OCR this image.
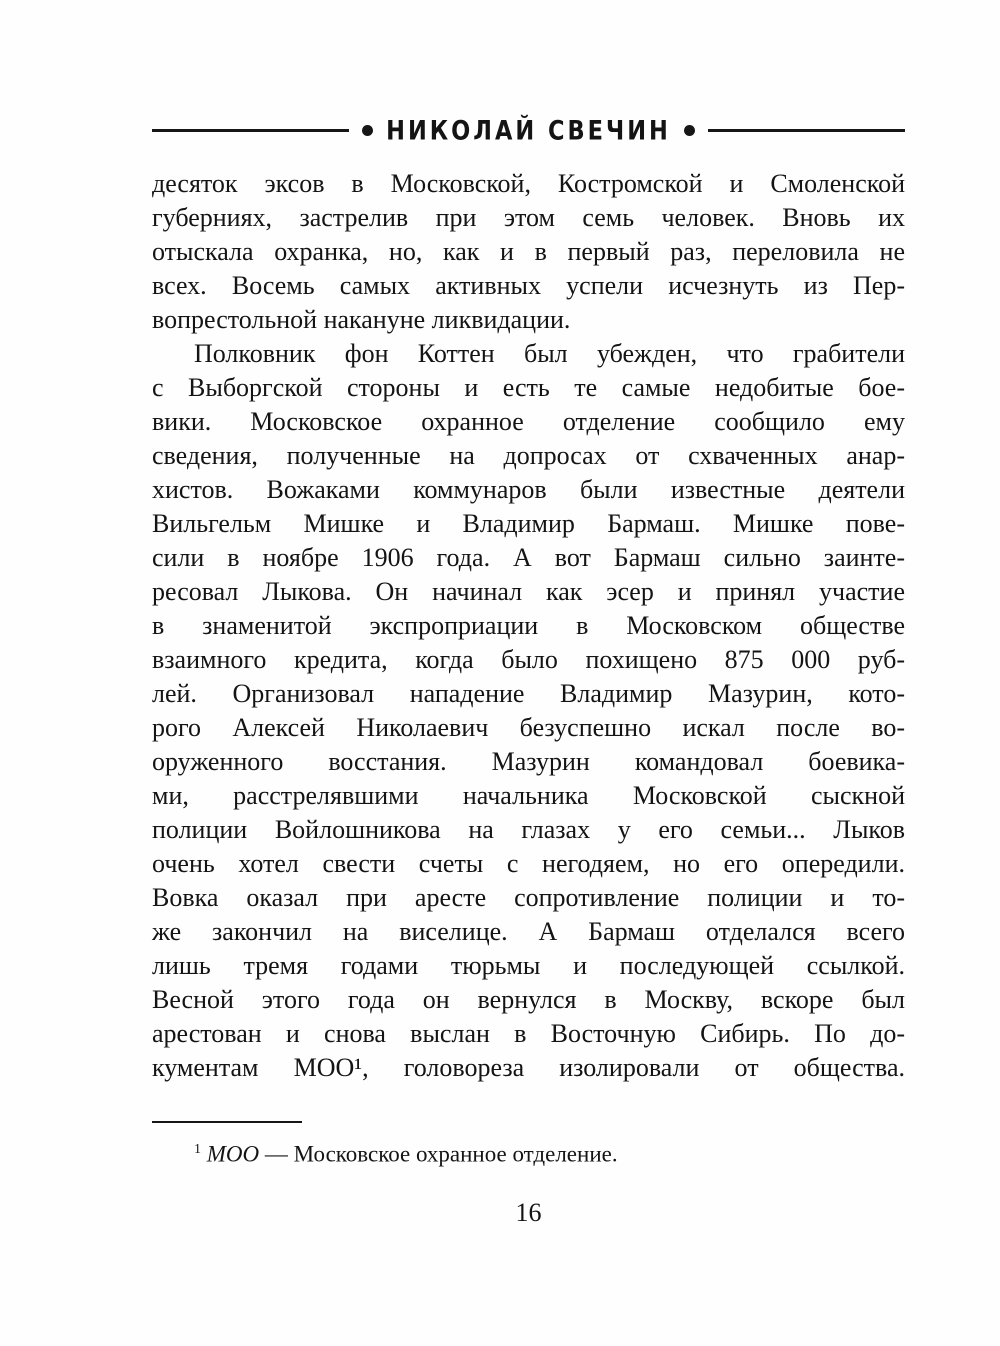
НИКОЛАЙ СВЕЧИН

десяток эксов в Московской, Костромской и Смоленской
губерниях, застрелив при этом семь человек. Вновь их
отыскала охранка, но, как и в первый раз, переловила не
всех. Восемь самых активных успели исчезнуть из Пер-
вопрестольной накануне ликвидации.

Полковник фон Коттен был убежден, что грабители
с Выборгской стороны и есть те самые недобитые бое-
вики. Московское охранное отделение сообщило ему
сведения, полученные на допросах от схваченных анар-
хистов. Вожаками коммунаров были известные деятели
Вильгельм Мишке и Владимир Бармаш. Мишке пове-
сили в ноябре 1906 года. А вот Бармаш сильно заинте-
ресовал Лыкова. Он начинал как эсер и принял участие
в знаменитой экспроприации в Московском обществе
взаимного кредита, когда было похищено 875 000 руб-
лей. Организовал нападение Владимир Мазурин, кото-
рого Алексей Николаевич безуспешно искал после во-
оруженного восстания. Мазурин командовал боевика-
ми, расстрелявшими начальника Московской сыскной
полиции Войлошникова на глазах у его семьи... Лыков
очень хотел свести счеты с негодяем, но его опередили.
Вовка оказал при аресте сопротивление полиции и то-
же закончил на виселице. А Бармаш отделался всего
лишь тремя годами тюрьмы и последующей ссылкой.
Весной этого года он вернулся в Москву, вскоре был
арестован и снова выслан в Восточную Сибирь. По до-
кументам МОО¹, головореза изолировали от общества.

$^1$ МОО — Московское охранное отделение.

16
